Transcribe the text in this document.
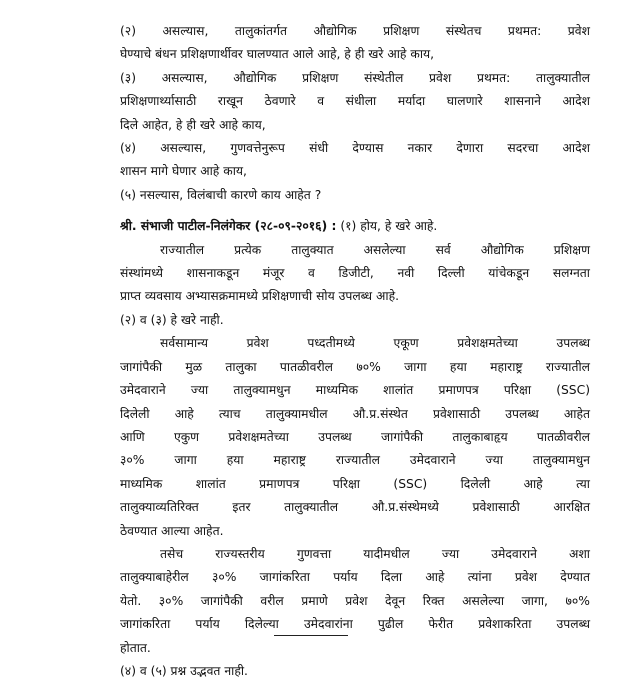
(२) असल्यास, तालुकांतर्गत औद्योगिक प्रशिक्षण संस्थेतच प्रथमत: प्रवेश
घेण्याचे बंधन प्रशिक्षणार्थीवर घालण्यात आले आहे, हे ही खरे आहे काय,
(३) असल्यास, औद्योगिक प्रशिक्षण संस्थेतील प्रवेश प्रथमत: तालुक्यातील
प्रशिक्षणार्थ्यासाठी राखून ठेवणारे व संधीला मर्यादा घालणारे शासनाने आदेश
दिले आहेत, हे ही खरे आहे काय,
(४) असल्यास, गुणवत्तेनुरूप संधी देण्यास नकार देणारा सदरचा आदेश
शासन मागे घेणार आहे काय,
(५) नसल्यास, विलंबाची कारणे काय आहेत ?
श्री. संभाजी पाटील-निलंगेकर (२८-०९-२०१६) : (१) होय, हे खरे आहे.
राज्यातील प्रत्येक तालुक्यात असलेल्या सर्व औद्योगिक प्रशिक्षण
संस्थांमध्ये शासनाकडून मंजूर व डिजीटी, नवी दिल्ली यांचेकडून सलग्नता
प्राप्त व्यवसाय अभ्यासक्रमामध्ये प्रशिक्षणाची सोय उपलब्ध आहे.
(२) व (३) हे खरे नाही.
सर्वसामान्य प्रवेश पध्दतीमध्ये एकूण प्रवेशक्षमतेच्या उपलब्ध
जागांपैकी मुळ तालुका पातळीवरील ७०% जागा हया महाराष्ट्र राज्यातील
उमेदवाराने ज्या तालुक्यामधुन माध्यमिक शालांत प्रमाणपत्र परिक्षा (SSC)
दिलेली आहे त्याच तालुक्यामधील औ.प्र.संस्थेत प्रवेशासाठी उपलब्ध आहेत
आणि एकुण प्रवेशक्षमतेच्या उपलब्ध जागांपैकी तालुकाबाहृय पातळीवरील
३०% जागा हया महाराष्ट्र राज्यातील उमेदवाराने ज्या तालुक्यामधुन
माध्यमिक शालांत प्रमाणपत्र परिक्षा (SSC) दिलेली आहे त्या
तालुक्याव्यतिरिक्त इतर तालुक्यातील औ.प्र.संस्थेमध्ये प्रवेशासाठी आरक्षित
ठेवण्यात आल्या आहेत.
तसेच राज्यस्तरीय गुणवत्ता यादीमधील ज्या उमेदवाराने अशा
तालुक्याबाहेरील ३०% जागांकरिता पर्याय दिला आहे त्यांना प्रवेश देण्यात
येतो. ३०% जागांपैकी वरील प्रमाणे प्रवेश देवून रिक्त असलेल्या जागा, ७०%
जागांकरिता पर्याय दिलेल्या उमेदवारांना पुढील फेरीत प्रवेशाकरिता उपलब्ध
होतात.
(४) व (५) प्रश्न उद्भवत नाही.
